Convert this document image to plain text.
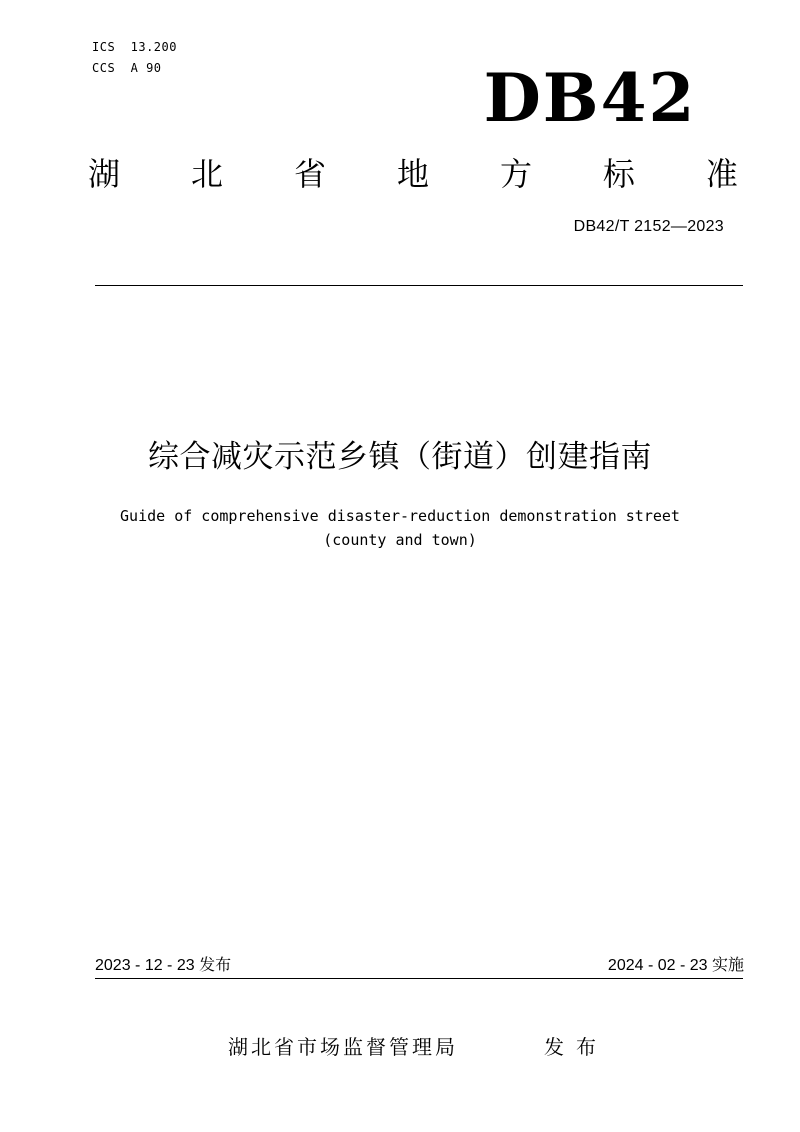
ICS  13.200
CCS  A 90	DB42
湖 北 省 地 方 标 准
DB42/T 2152—2023
综合减灾示范乡镇（街道）创建指南
Guide of comprehensive disaster-reduction demonstration street
(county and town)
2023 - 12 - 23 发布	2024 - 02 - 23 实施
湖北省市场监督管理局	发布
